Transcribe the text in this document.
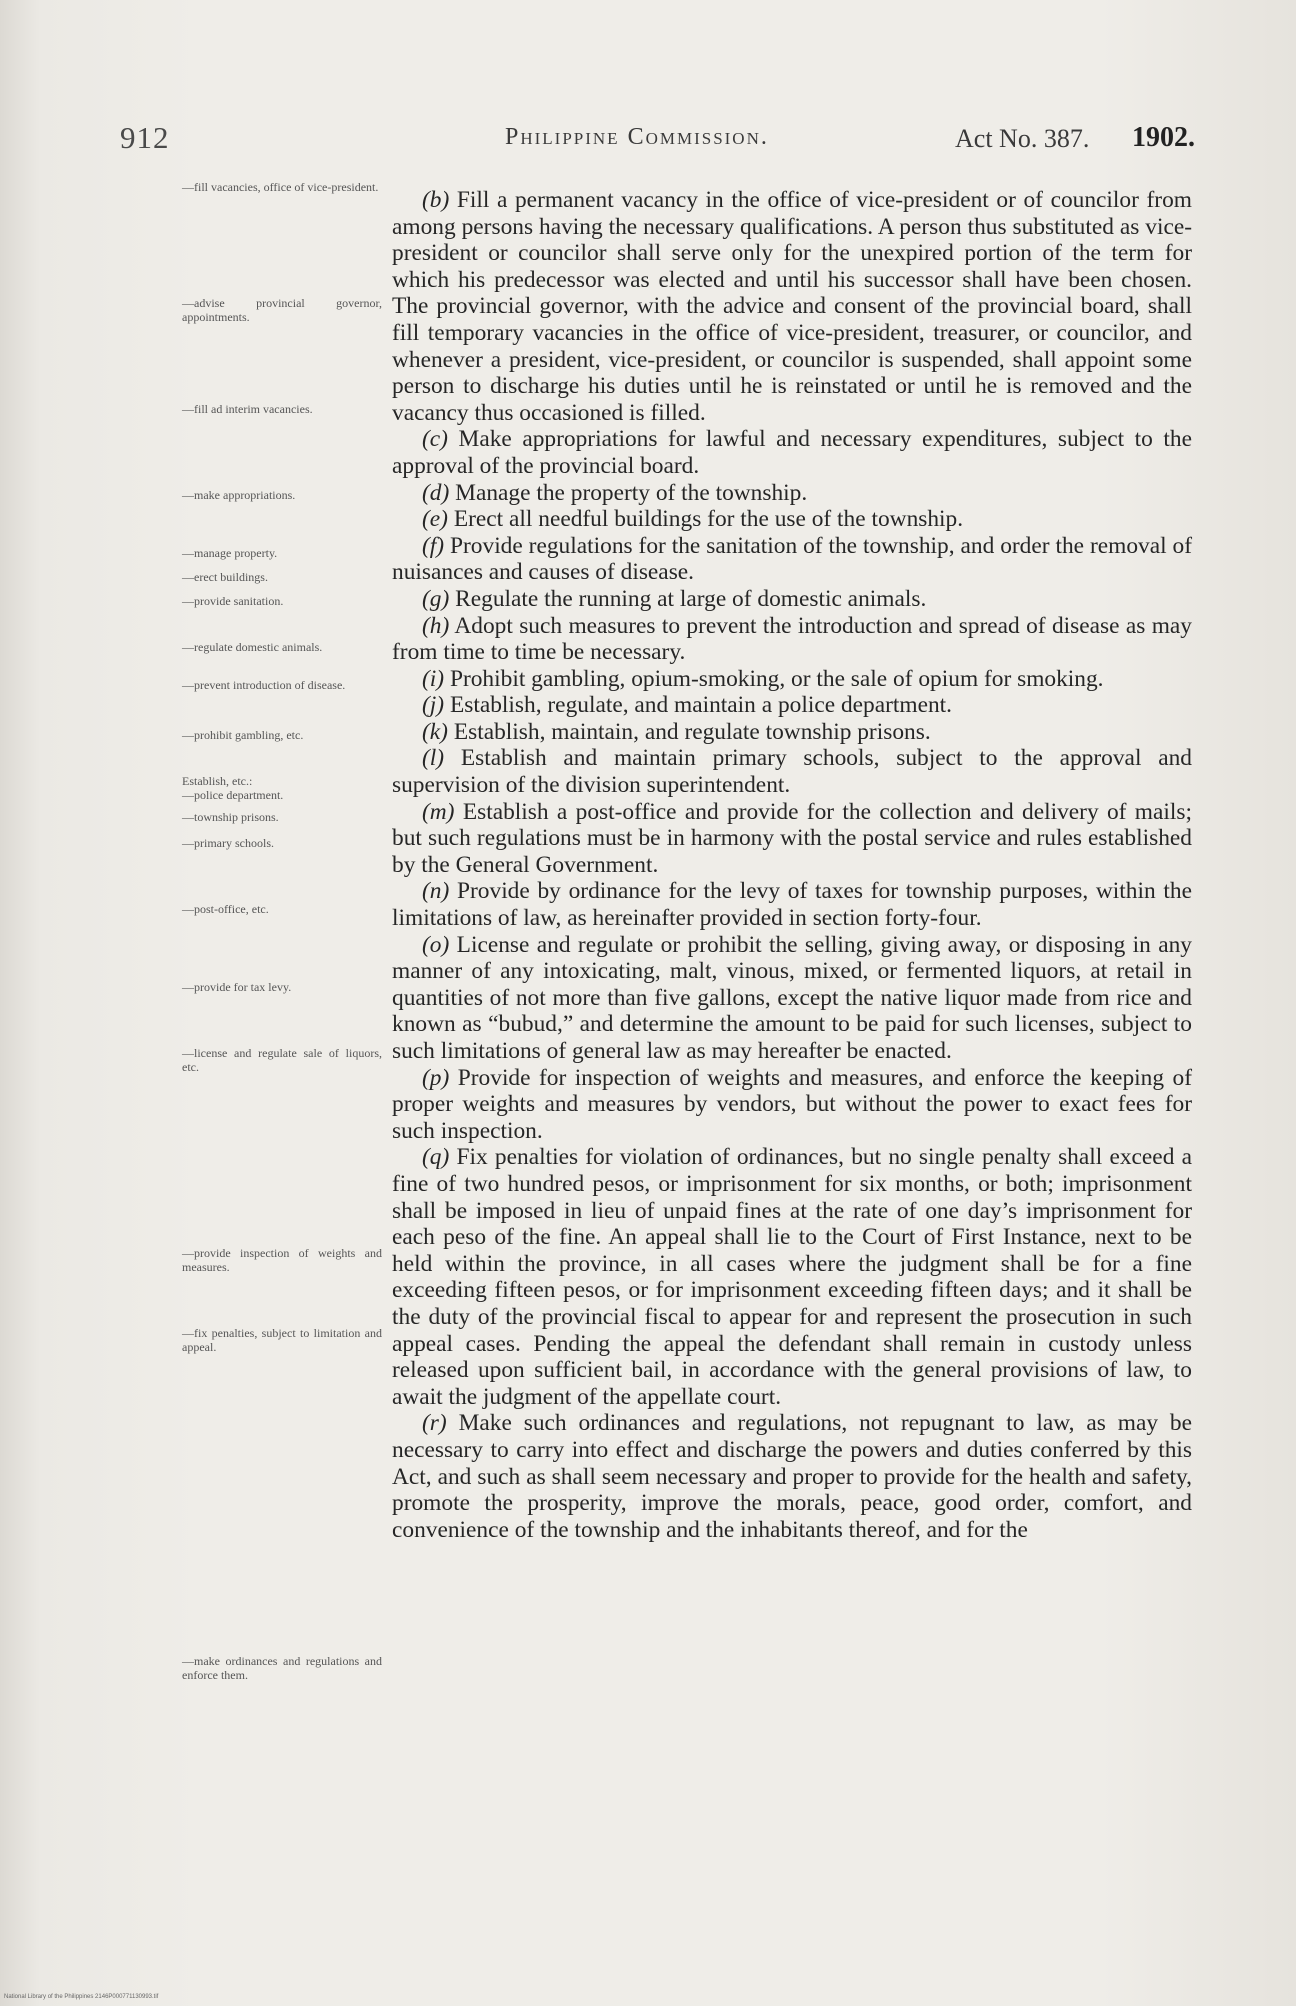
912	Philippine Commission.	Act No. 387. 1902.
—fill vacancies, office of vice-president.
—advise provincial governor, appointments.
—fill ad interim vacancies.
—make appropriations.
—manage property.
—erect buildings.
—provide sanitation.
—regulate domestic animals.
—prevent introduction of disease.
—prohibit gambling, etc.
Establish, etc.:
—police department.
—township prisons.
—primary schools.
—post-office, etc.
—provide for tax levy.
—license and regulate sale of liquors, etc.
—provide inspection of weights and measures.
—fix penalties, subject to limitation and appeal.
—make ordinances and regulations and enforce them.

(b) Fill a permanent vacancy in the office of vice-president or of councilor from among persons having the necessary qualifications. A person thus substituted as vice-president or councilor shall serve only for the unexpired portion of the term for which his predecessor was elected and until his successor shall have been chosen. The provincial governor, with the advice and consent of the provincial board, shall fill temporary vacancies in the office of vice-president, treasurer, or councilor, and whenever a president, vice-president, or councilor is suspended, shall appoint some person to discharge his duties until he is reinstated or until he is removed and the vacancy thus occasioned is filled.

(c) Make appropriations for lawful and necessary expenditures, subject to the approval of the provincial board.

(d) Manage the property of the township.

(e) Erect all needful buildings for the use of the township.

(f) Provide regulations for the sanitation of the township, and order the removal of nuisances and causes of disease.

(g) Regulate the running at large of domestic animals.

(h) Adopt such measures to prevent the introduction and spread of disease as may from time to time be necessary.

(i) Prohibit gambling, opium-smoking, or the sale of opium for smoking.

(j) Establish, regulate, and maintain a police department.

(k) Establish, maintain, and regulate township prisons.

(l) Establish and maintain primary schools, subject to the approval and supervision of the division superintendent.

(m) Establish a post-office and provide for the collection and delivery of mails; but such regulations must be in harmony with the postal service and rules established by the General Government.

(n) Provide by ordinance for the levy of taxes for township purposes, within the limitations of law, as hereinafter provided in section forty-four.

(o) License and regulate or prohibit the selling, giving away, or disposing in any manner of any intoxicating, malt, vinous, mixed, or fermented liquors, at retail in quantities of not more than five gallons, except the native liquor made from rice and known as “bubud,” and determine the amount to be paid for such licenses, subject to such limitations of general law as may hereafter be enacted.

(p) Provide for inspection of weights and measures, and enforce the keeping of proper weights and measures by vendors, but without the power to exact fees for such inspection.

(q) Fix penalties for violation of ordinances, but no single penalty shall exceed a fine of two hundred pesos, or imprisonment for six months, or both; imprisonment shall be imposed in lieu of unpaid fines at the rate of one day’s imprisonment for each peso of the fine. An appeal shall lie to the Court of First Instance, next to be held within the province, in all cases where the judgment shall be for a fine exceeding fifteen pesos, or for imprisonment exceeding fifteen days; and it shall be the duty of the provincial fiscal to appear for and represent the prosecution in such appeal cases. Pending the appeal the defendant shall remain in custody unless released upon sufficient bail, in accordance with the general provisions of law, to await the judgment of the appellate court.

(r) Make such ordinances and regulations, not repugnant to law, as may be necessary to carry into effect and discharge the powers and duties conferred by this Act, and such as shall seem necessary and proper to provide for the health and safety, promote the prosperity, improve the morals, peace, good order, comfort, and convenience of the township and the inhabitants thereof, and for the

National Library of the Philippines 2146P000771130993.tif
